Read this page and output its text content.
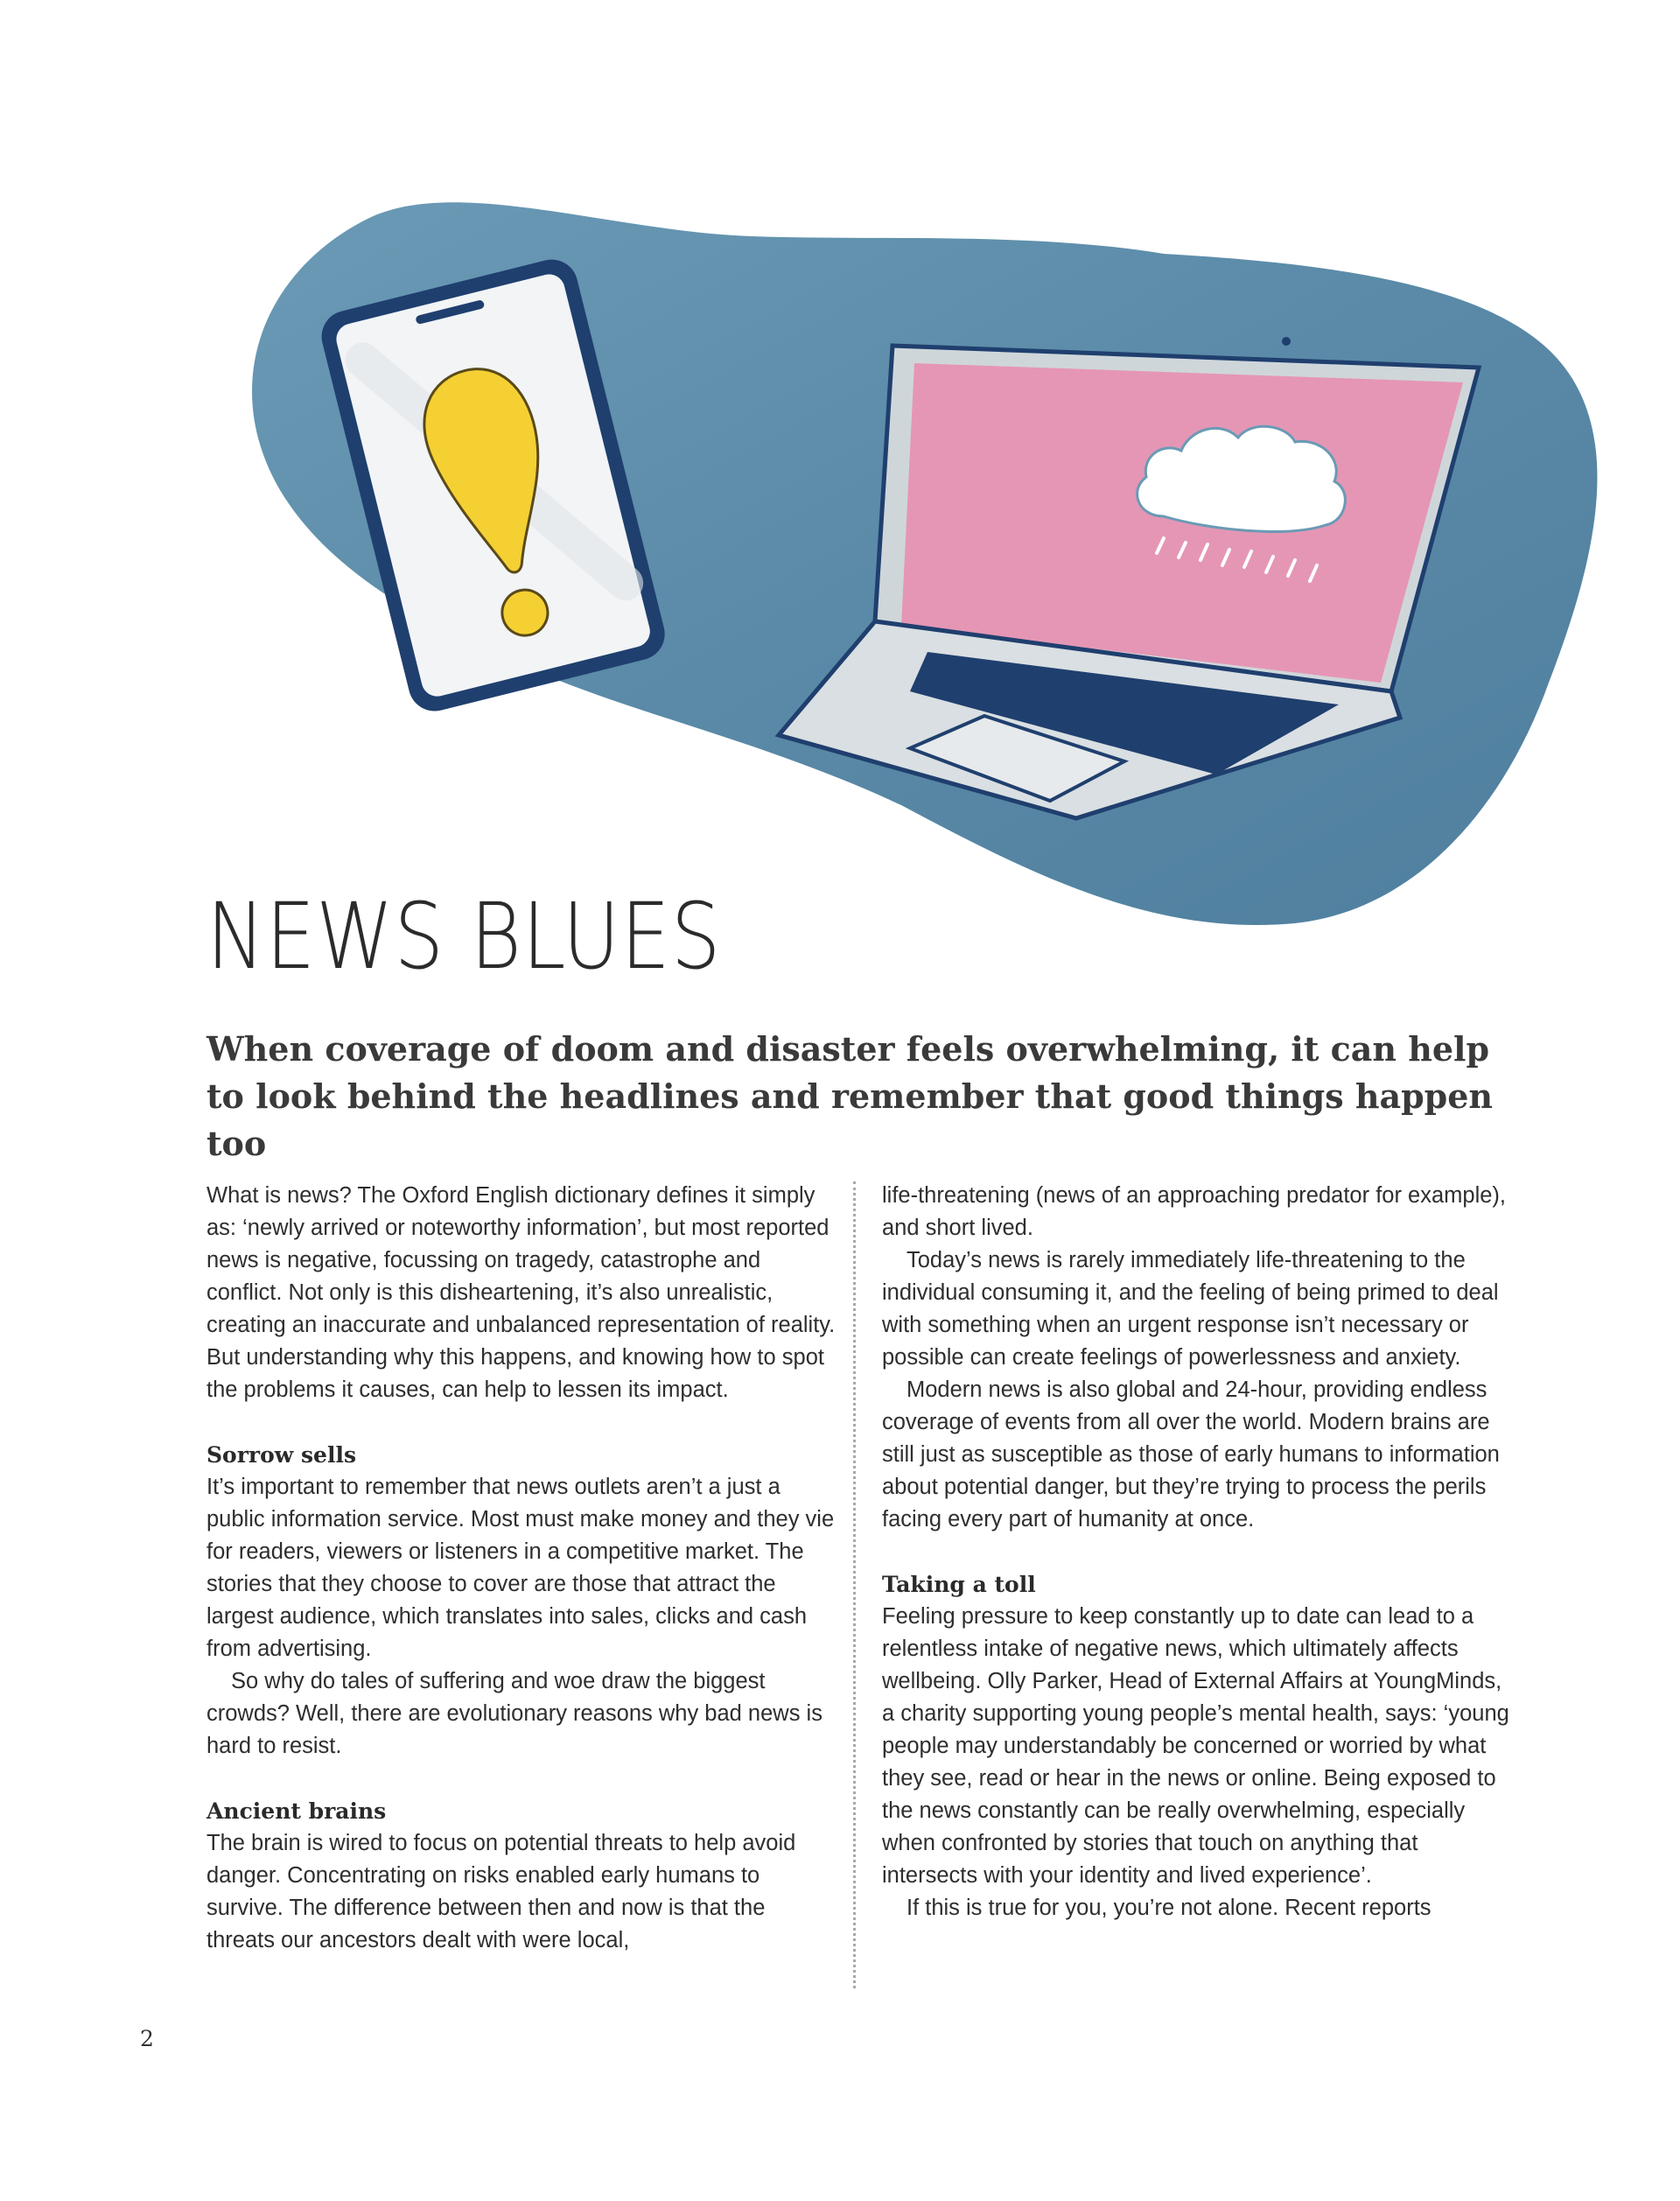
NEWS BLUES
When coverage of doom and disaster feels overwhelming, it can help to look behind the headlines and remember that good things happen too

What is news? The Oxford English dictionary defines it simply as: ‘newly arrived or noteworthy information’, but most reported news is negative, focussing on tragedy, catastrophe and conflict. Not only is this disheartening, it’s also unrealistic, creating an inaccurate and unbalanced representation of reality. But understanding why this happens, and knowing how to spot the problems it causes, can help to lessen its impact.

Sorrow sells

It’s important to remember that news outlets aren’t a just a public information service. Most must make money and they vie for readers, viewers or listeners in a competitive market. The stories that they choose to cover are those that attract the largest audience, which translates into sales, clicks and cash from advertising.

So why do tales of suffering and woe draw the biggest crowds? Well, there are evolutionary reasons why bad news is hard to resist.

Ancient brains

The brain is wired to focus on potential threats to help avoid danger. Concentrating on risks enabled early humans to survive. The difference between then and now is that the threats our ancestors dealt with were local,

life-threatening (news of an approaching predator for example), and short lived.

Today’s news is rarely immediately life-threatening to the individual consuming it, and the feeling of being primed to deal with something when an urgent response isn’t necessary or possible can create feelings of powerlessness and anxiety.

Modern news is also global and 24-hour, providing endless coverage of events from all over the world. Modern brains are still just as susceptible as those of early humans to information about potential danger, but they’re trying to process the perils facing every part of humanity at once.

Taking a toll

Feeling pressure to keep constantly up to date can lead to a relentless intake of negative news, which ultimately affects wellbeing. Olly Parker, Head of External Affairs at YoungMinds, a charity supporting young people’s mental health, says: ‘young people may understandably be concerned or worried by what they see, read or hear in the news or online. Being exposed to the news constantly can be really overwhelming, especially when confronted by stories that touch on anything that intersects with your identity and lived experience’.

If this is true for you, you’re not alone. Recent reports

2
